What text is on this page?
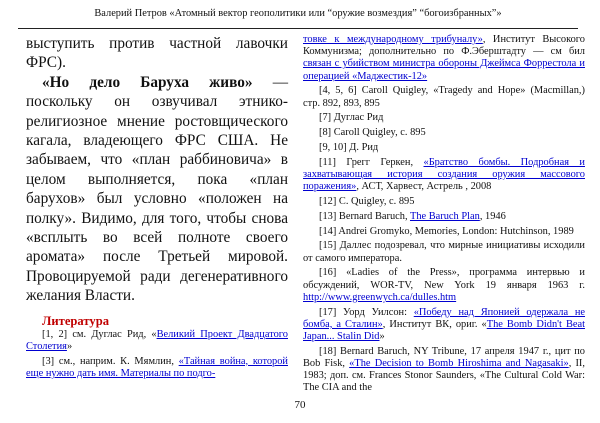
Валерий Петров «Атомный вектор геополитики или “оружие возмездия” “богоизбранных”»

выступить против частной лавочки ФРС).

«Но дело Баруха живо» — поскольку он озвучивал этнико-религиозное мнение ростовщического кагала, владеющего ФРС США. Не забываем, что «план раббиновича» в целом выполняется, пока «план барухов» был условно «положен на полку». Видимо, для того, чтобы снова «всплыть во всей полноте своего аромата» после Третьей мировой. Провоцируемой ради дегенеративного желания Власти.

Литература

[1, 2] см. Дуглас Рид, «Великий Проект Двадцатого Столетия»

[3] см., наприм. К. Мямлин, «Тайная война, которой еще нужно дать имя. Материалы по подго-

товке к международному трибуналу», Институт Высокого Коммунизма; дополнительно по Ф.Эберштадту — см бил связан с убийством министра обороны Джеймса Форрестола и операцией «Маджестик-12»

[4, 5, 6] Caroll Quigley, «Tragedy and Hope» (Macmillan,) стр. 892, 893, 895

[7] Дуглас Рид

[8] Caroll Quigley, с. 895

[9, 10] Д. Рид

[11] Грегг Геркен, «Братство бомбы. Подробная и захватывающая история создания оружия массового поражения», АСТ, Харвест, Астрель , 2008

[12] C. Quigley, с. 895

[13] Bernard Baruch, The Baruch Plan, 1946

[14] Andrei Gromyko, Memories, London: Hutchinson, 1989

[15] Даллес подозревал, что мирные инициативы исходили от самого императора.

[16] «Ladies of the Press», программа интервью и обсуждений, WOR-TV, New York 19 января 1963 г. http://www.greenwych.ca/dulles.htm

[17] Уорд Уилсон: «Победу над Японией одержала не бомба, а Сталин», Институт ВК, ориг. «The Bomb Didn't Beat Japan... Stalin Did»

[18] Bernard Baruch, NY Tribune, 17 апреля 1947 г., цит по Bob Fisk, «The Decision to Bomb Hiroshima and Nagasaki», II, 1983; доп. см. Frances Stonor Saunders, «The Cultural Cold War: The CIA and the

70
